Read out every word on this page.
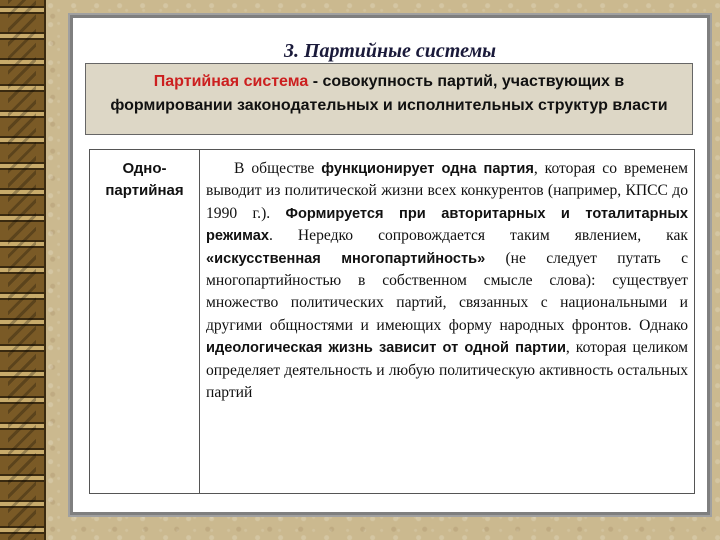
3. Партийные системы
Партийная система - совокупность партий, участвующих в формировании законодательных и исполнительных структур власти
Одно-партийная
В обществе функционирует одна партия, которая со временем выводит из политической жизни всех конкурентов (например, КПСС до 1990 г.). Формируется при авторитарных и тоталитарных режимах. Нередко сопровождается таким явлением, как «искусственная многопартийность» (не следует путать с многопартийностью в собственном смысле слова): существует множество политических партий, связанных с национальными и другими общностями и имеющих форму народных фронтов. Однако идеологическая жизнь зависит от одной партии, которая целиком определяет деятельность и любую политическую активность остальных партий
